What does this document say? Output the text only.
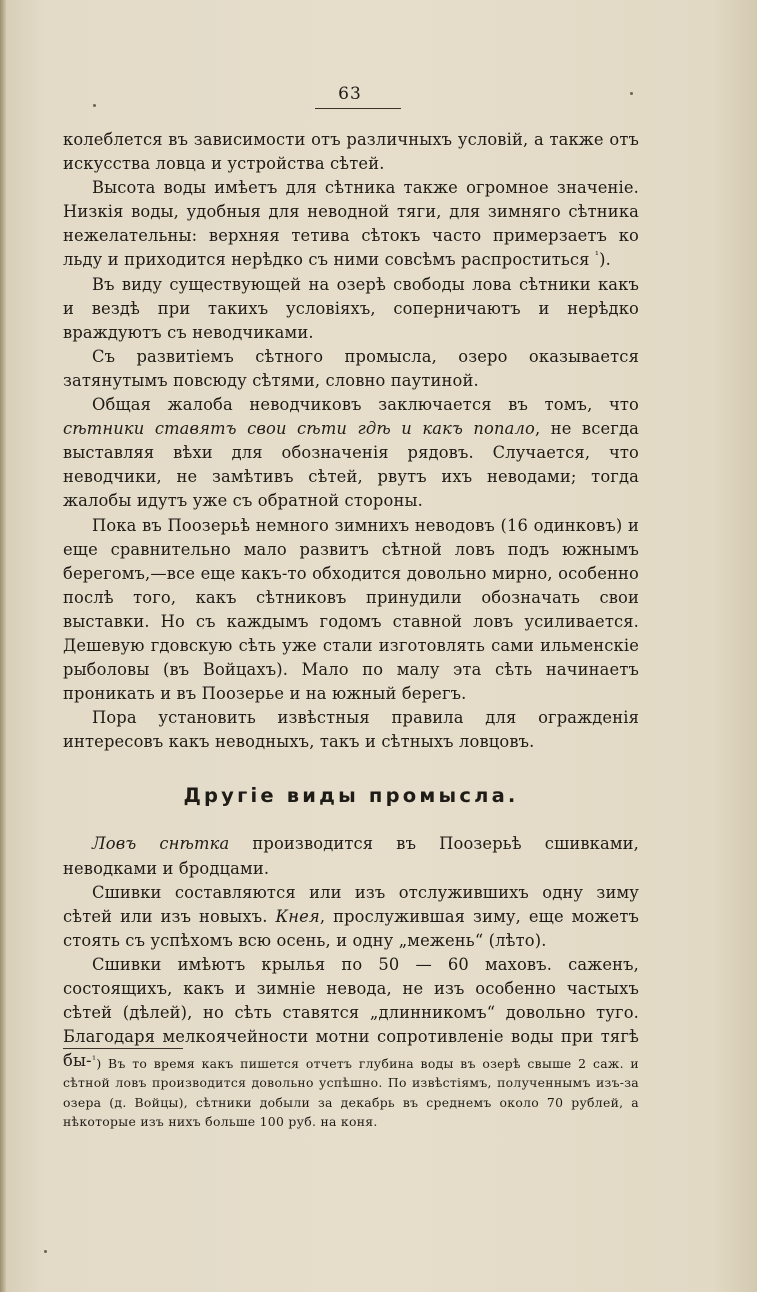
63

колеблется въ зависимости отъ различныхъ условій, а также отъ искусства ловца и устройства сѣтей.

Высота воды имѣетъ для сѣтника также огромное значеніе. Низкія воды, удобныя для неводной тяги, для зимняго сѣтника нежелательны: верхняя тетива сѣтокъ часто примерзаетъ ко льду и приходится нерѣдко съ ними совсѣмъ распроститься $^{^1}$).

Въ виду существующей на озерѣ свободы лова сѣтники какъ и вездѣ при такихъ условіяхъ, соперничаютъ и нерѣдко враждуютъ съ неводчиками.

Съ развитіемъ сѣтного промысла, озеро оказывается затянутымъ повсюду сѣтями, словно паутиной.

Общая жалоба неводчиковъ заключается въ томъ, что сѣтники ставятъ свои сѣти гдѣ и какъ попало, не всегда выставляя вѣхи для обозначенія рядовъ. Случается, что неводчики, не замѣтивъ сѣтей, рвутъ ихъ неводами; тогда жалобы идутъ уже съ обратной стороны.

Пока въ Поозерьѣ немного зимнихъ неводовъ (16 одинковъ) и еще сравнительно мало развитъ сѣтной ловъ подъ южнымъ берегомъ,—все еще какъ-то обходится довольно мирно, особенно послѣ того, какъ сѣтниковъ принудили обозначать свои выставки. Но съ каждымъ годомъ ставной ловъ усиливается. Дешевую гдовскую сѣть уже стали изготовлять сами ильменскіе рыболовы (въ Войцахъ). Мало по малу эта сѣть начинаетъ проникать и въ Поозерье и на южный берегъ.

Пора установить извѣстныя правила для огражденія интересовъ какъ неводныхъ, такъ и сѣтныхъ ловцовъ.

Другіе виды промысла.

Ловъ снѣтка производится въ Поозерьѣ сшивками, неводками и бродцами.

Сшивки составляются или изъ отслужившихъ одну зиму сѣтей или изъ новыхъ. Кнея, прослужившая зиму, еще можетъ стоять съ успѣхомъ всю осень, и одну „межень“ (лѣто).

Сшивки имѣютъ крылья по 50 — 60 маховъ. саженъ, состоящихъ, какъ и зимніе невода, не изъ особенно частыхъ сѣтей (дѣлей), но сѣть ставятся „длинникомъ“ довольно туго. Благодаря мелкоячейности мотни сопротивленіе воды при тягѣ бы- $^{^1}$) Въ то время какъ пишется отчетъ глубина воды въ озерѣ свыше 2 саж. и сѣтной ловъ производится довольно успѣшно. По извѣстіямъ, полученнымъ изъ-за озера (д. Войцы), сѣтники добыли за декабрь въ среднемъ около 70 рублей, а нѣкоторые изъ нихъ больше 100 руб. на коня.
